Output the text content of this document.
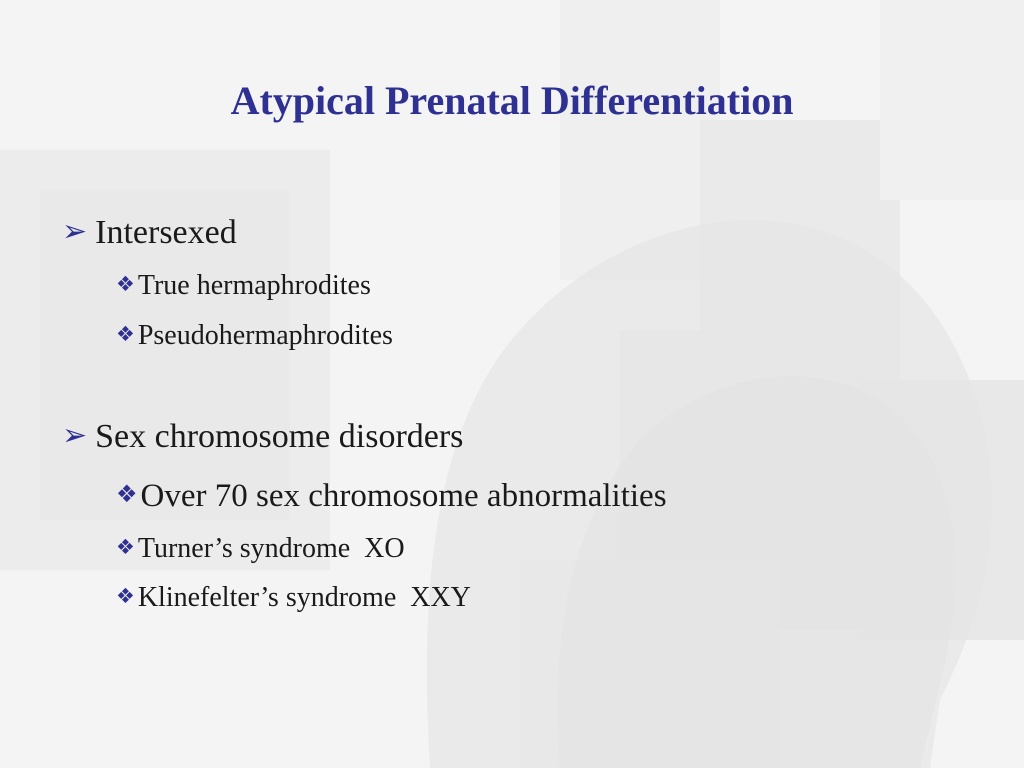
Atypical Prenatal Differentiation
➢ Intersexed
❖ True hermaphrodites
❖ Pseudohermaphrodites
➢ Sex chromosome disorders
❖Over 70 sex chromosome abnormalities
❖ Turner’s syndrome  XO
❖ Klinefelter’s syndrome  XXY
